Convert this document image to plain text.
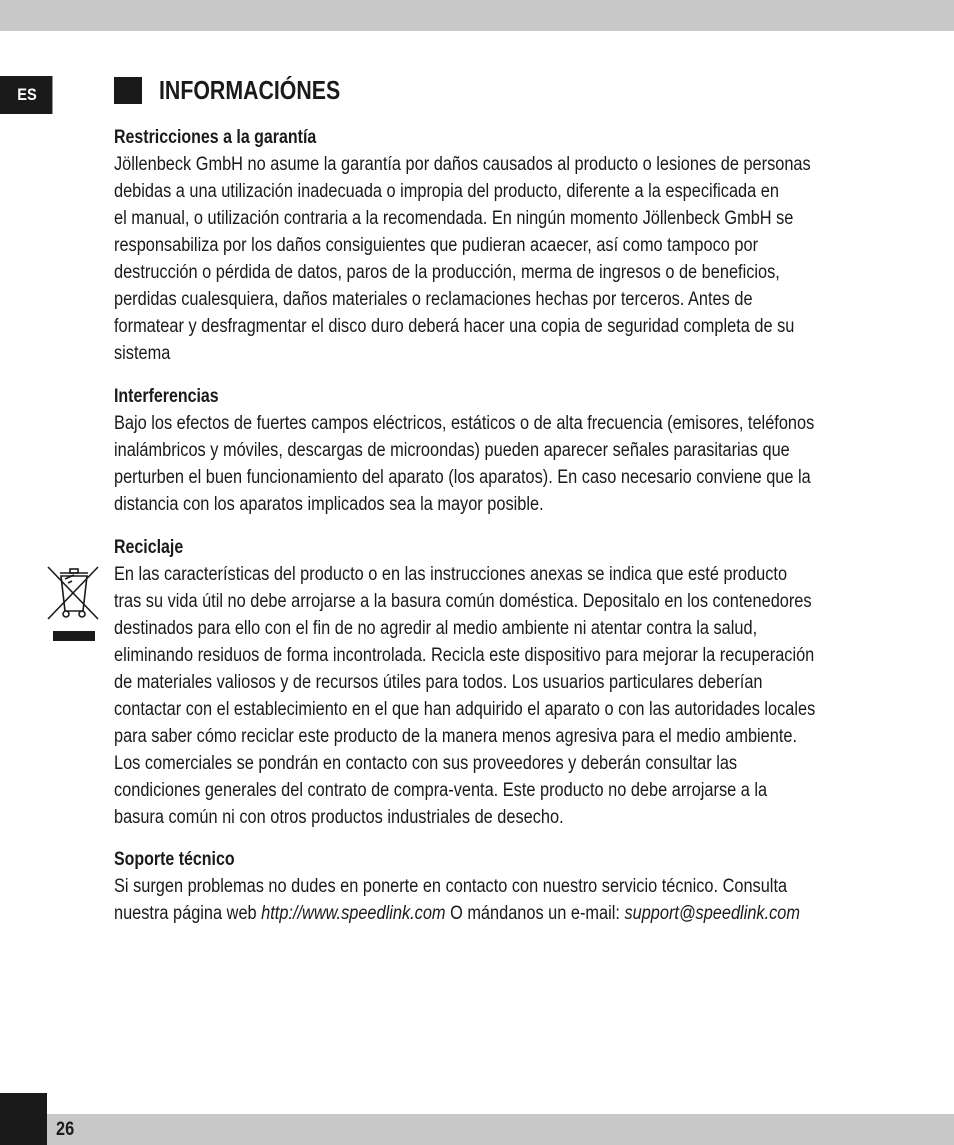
ES	INFORMACIÓNES
Restricciones a la garantía
Jöllenbeck GmbH no asume la garantía por daños causados al producto o lesiones de personas
debidas a una utilización inadecuada o impropia del producto, diferente a la especificada en
el manual, o utilización contraria a la recomendada. En ningún momento Jöllenbeck GmbH se
responsabiliza por los daños consiguientes que pudieran acaecer, así como tampoco por
destrucción o pérdida de datos, paros de la producción, merma de ingresos o de beneficios,
perdidas cualesquiera, daños materiales o reclamaciones hechas por terceros. Antes de
formatear y desfragmentar el disco duro deberá hacer una copia de seguridad completa de su
sistema
Interferencias
Bajo los efectos de fuertes campos eléctricos, estáticos o de alta frecuencia (emisores, teléfonos
inalámbricos y móviles, descargas de microondas) pueden aparecer señales parasitarias que
perturben el buen funcionamiento del aparato (los aparatos). En caso necesario conviene que la
distancia con los aparatos implicados sea la mayor posible.
Reciclaje
En las características del producto o en las instrucciones anexas se indica que esté producto
tras su vida útil no debe arrojarse a la basura común doméstica. Depositalo en los contenedores
destinados para ello con el fin de no agredir al medio ambiente ni atentar contra la salud,
eliminando residuos de forma incontrolada. Recicla este dispositivo para mejorar la recuperación
de materiales valiosos y de recursos útiles para todos. Los usuarios particulares deberían
contactar con el establecimiento en el que han adquirido el aparato o con las autoridades locales
para saber cómo reciclar este producto de la manera menos agresiva para el medio ambiente.
Los comerciales se pondrán en contacto con sus proveedores y deberán consultar las
condiciones generales del contrato de compra-venta. Este producto no debe arrojarse a la
basura común ni con otros productos industriales de desecho.
Soporte técnico
Si surgen problemas no dudes en ponerte en contacto con nuestro servicio técnico. Consulta
nuestra página web http://www.speedlink.com O mándanos un e-mail: support@speedlink.com
26
